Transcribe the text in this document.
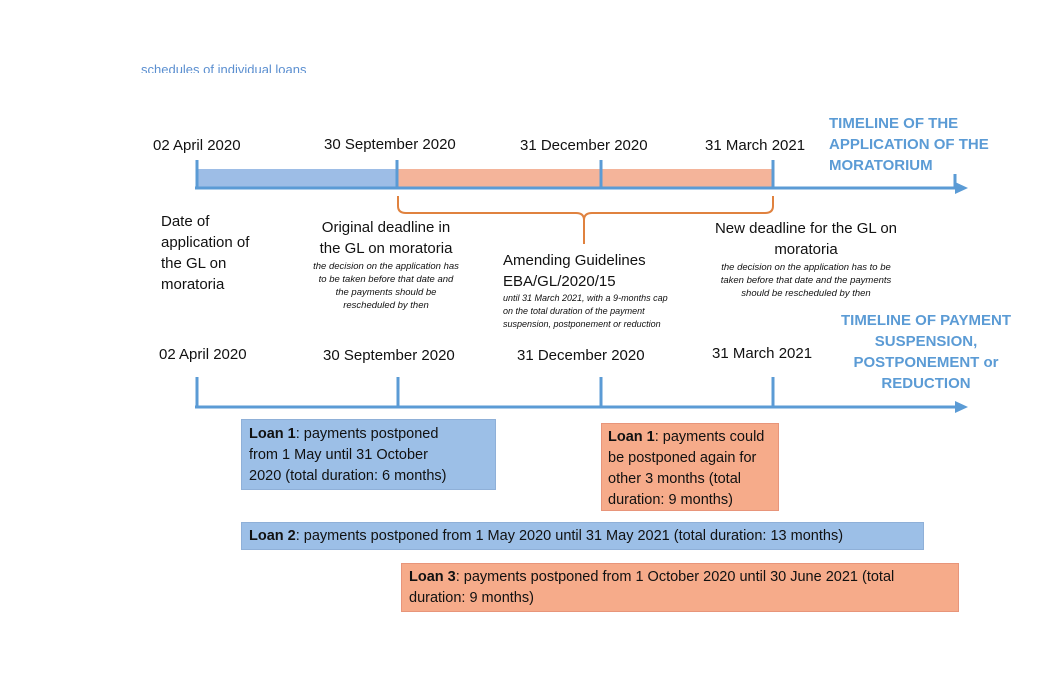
schedules of individual loans
02 April 2020	30 September 2020	31 December 2020	31 March 2021
TIMELINE OF THE
APPLICATION OF THE
MORATORIUM
Date of
application of
the GL on
moratoria
Original deadline in
the GL on moratoria
the decision on the application has
to be taken before that date and
the payments should be
rescheduled by then
Amending Guidelines
EBA/GL/2020/15
until 31 March 2021, with a 9-months cap
on the total duration of the payment
suspension, postponement or reduction
New deadline for the GL on
moratoria
the decision on the application has to be
taken before that date and the payments
should be rescheduled by then
TIMELINE OF PAYMENT
SUSPENSION,
POSTPONEMENT or
REDUCTION
02 April 2020	30 September 2020	31 December 2020	31 March 2021
Loan 1: payments postponed
from 1 May until 31 October
2020 (total duration: 6 months)
Loan 1: payments could
be postponed again for
other 3 months (total
duration: 9 months)
Loan 2: payments postponed from 1 May 2020 until 31 May 2021 (total duration: 13 months)
Loan 3: payments postponed from 1 October 2020 until 30 June 2021 (total
duration: 9 months)
